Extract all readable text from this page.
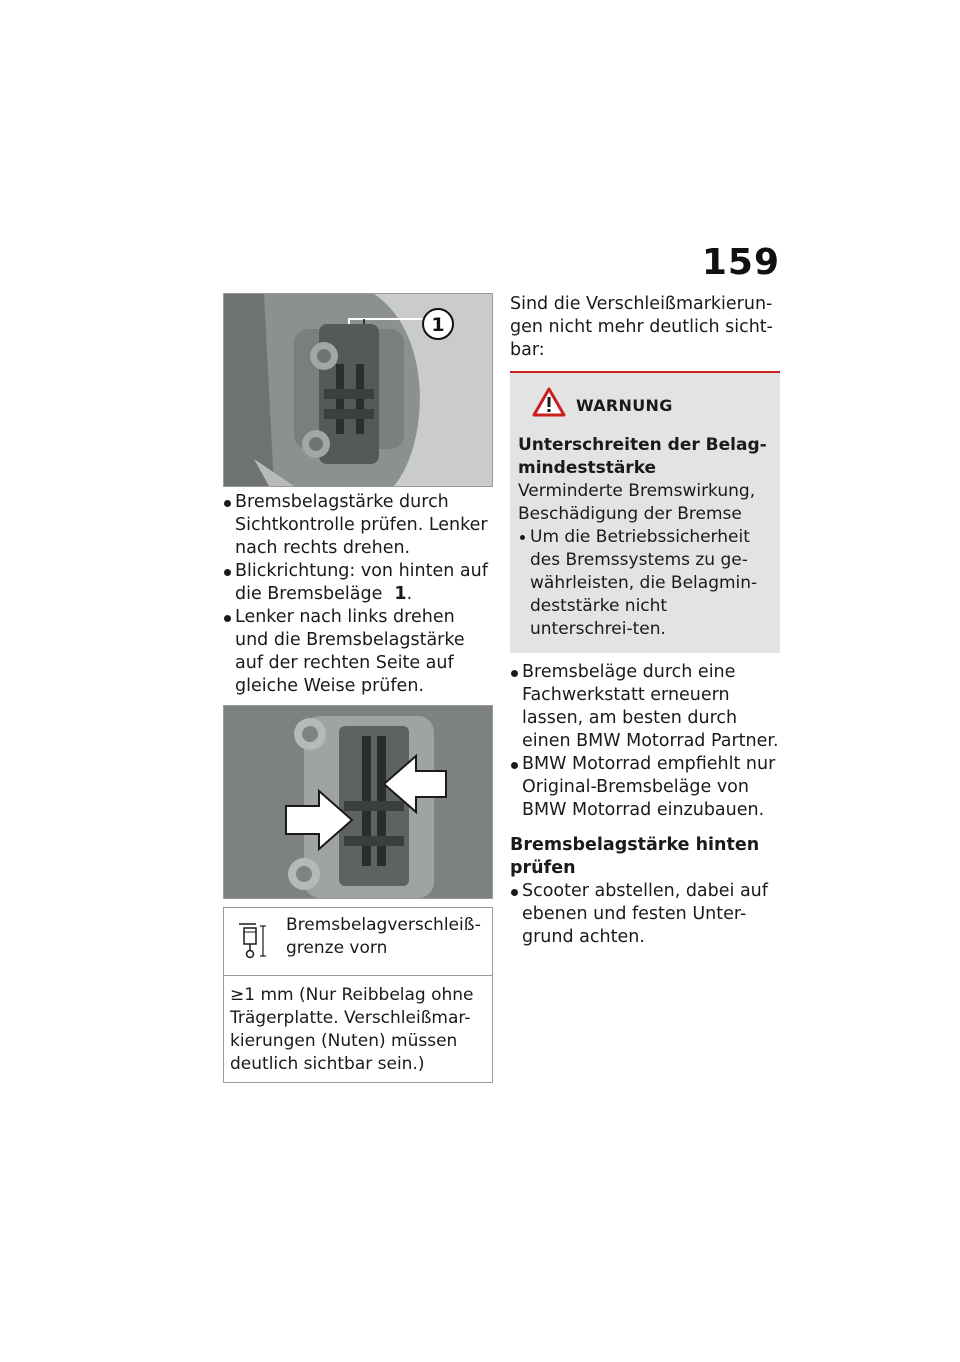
159
1
Bremsbelagstärke durch Sichtkontrolle prüfen. Lenker nach rechts drehen.
Blickrichtung: von hinten auf die Bremsbeläge 1.
Lenker nach links drehen und die Bremsbelagstärke auf der rechten Seite auf gleiche Weise prüfen.
Bremsbelagverschleiß-grenze vorn
≥1 mm (Nur Reibbelag ohne Trägerplatte. Verschleißmar-kierungen (Nuten) müssen deutlich sichtbar sein.)

Sind die Verschleißmarkierun-gen nicht mehr deutlich sicht-bar:

WARNUNG

Unterschreiten der Belag-mindeststärke

Verminderte Bremswirkung, Beschädigung der Bremse

Um die Betriebssicherheit des Bremssystems zu ge-währleisten, die Belagmin-deststärke nicht unterschrei-ten.
Bremsbeläge durch eine Fachwerkstatt erneuern lassen, am besten durch einen BMW Motorrad Partner.
BMW Motorrad empfiehlt nur Original-Bremsbeläge von BMW Motorrad einzubauen.

Bremsbelagstärke hinten prüfen

Scooter abstellen, dabei auf ebenen und festen Unter-grund achten.
